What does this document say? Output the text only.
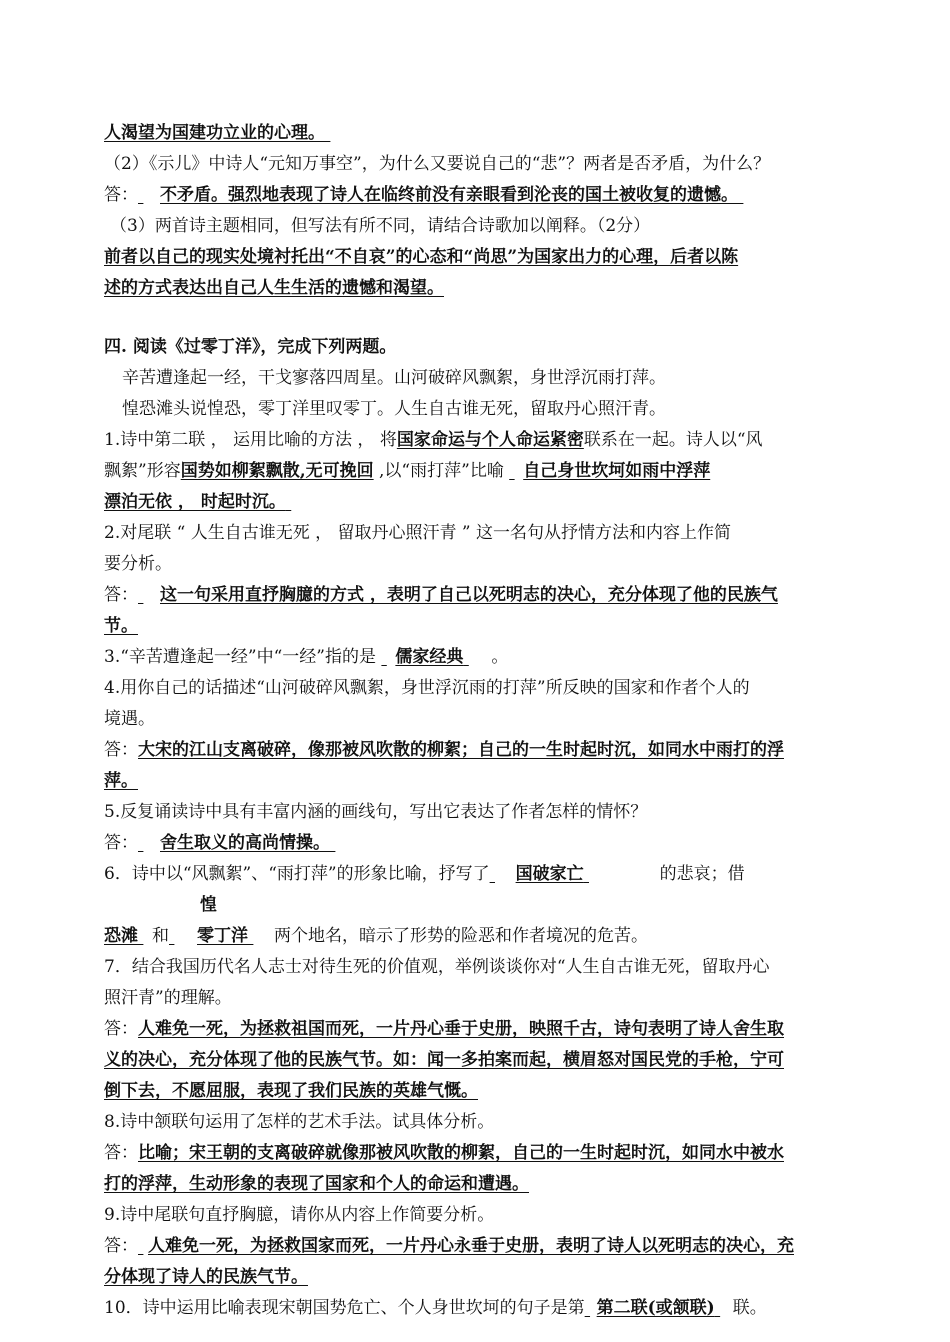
人渴望为国建功立业的心理。
（2）《示儿》中诗人“元知万事空”，为什么又要说自己的“悲”？两者是否矛盾，为什么？
答： 不矛盾。强烈地表现了诗人在临终前没有亲眼看到沦丧的国土被收复的遗憾。
（3）两首诗主题相同，但写法有所不同，请结合诗歌加以阐释。（2分）
前者以自己的现实处境衬托出“不自哀”的心态和“尚思”为国家出力的心理，后者以陈
述的方式表达出自己人生生活的遗憾和渴望。
四. 阅读《过零丁洋》，完成下列两题。
辛苦遭逢起一经，干戈寥落四周星。山河破碎风飘絮，身世浮沉雨打萍。
惶恐滩头说惶恐，零丁洋里叹零丁。人生自古谁无死，留取丹心照汗青。
1.诗中第二联 ， 运用比喻的方法 ， 将国家命运与个人命运紧密联系在一起。诗人以“风
飘絮”形容国势如柳絮飘散,无可挽回 ,以“雨打萍”比喻  自己身世坎坷如雨中浮萍
漂泊无依 ， 时起时沉。
2.对尾联 “ 人生自古谁无死 ， 留取丹心照汗青 ” 这一名句从抒情方法和内容上作简
要分析。
答： 这一句采用直抒胸臆的方式 ，表明了自己以死明志的决心，充分体现了他的民族气
节。
3.“辛苦遭逢起一经”中“一经”指的是  儒家经典 。
4.用你自己的话描述“山河破碎风飘絮，身世浮沉雨的打萍”所反映的国家和作者个人的
境遇。
答：大宋的江山支离破碎，像那被风吹散的柳絮；自己的一生时起时沉，如同水中雨打的浮
萍。
5.反复诵读诗中具有丰富内涵的画线句，写出它表达了作者怎样的情怀？
答： 舍生取义的高尚情操。
6．诗中以“风飘絮”、“雨打萍”的形象比喻，抒写了 国破家亡	的悲哀；借
惶
恐滩 和 零丁洋 两个地名，暗示了形势的险恶和作者境况的危苦。
7．结合我国历代名人志士对待生死的价值观，举例谈谈你对“人生自古谁无死，留取丹心
照汗青”的理解。
答：人难免一死，为拯救祖国而死，一片丹心垂于史册，映照千古，诗句表明了诗人舍生取
义的决心，充分体现了他的民族气节。如：闻一多拍案而起，横眉怒对国民党的手枪，宁可
倒下去，不愿屈服，表现了我们民族的英雄气慨。
8.诗中颔联句运用了怎样的艺术手法。试具体分析。
答：比喻；宋王朝的支离破碎就像那被风吹散的柳絮，自己的一生时起时沉，如同水中被水
打的浮萍，生动形象的表现了国家和个人的命运和遭遇。
9.诗中尾联句直抒胸臆，请你从内容上作简要分析。
答： 人难免一死，为拯救国家而死，一片丹心永垂于史册，表明了诗人以死明志的决心，充
分体现了诗人的民族气节。
10．诗中运用比喻表现宋朝国势危亡、个人身世坎坷的句子是第 第二联(或颔联) 联。
